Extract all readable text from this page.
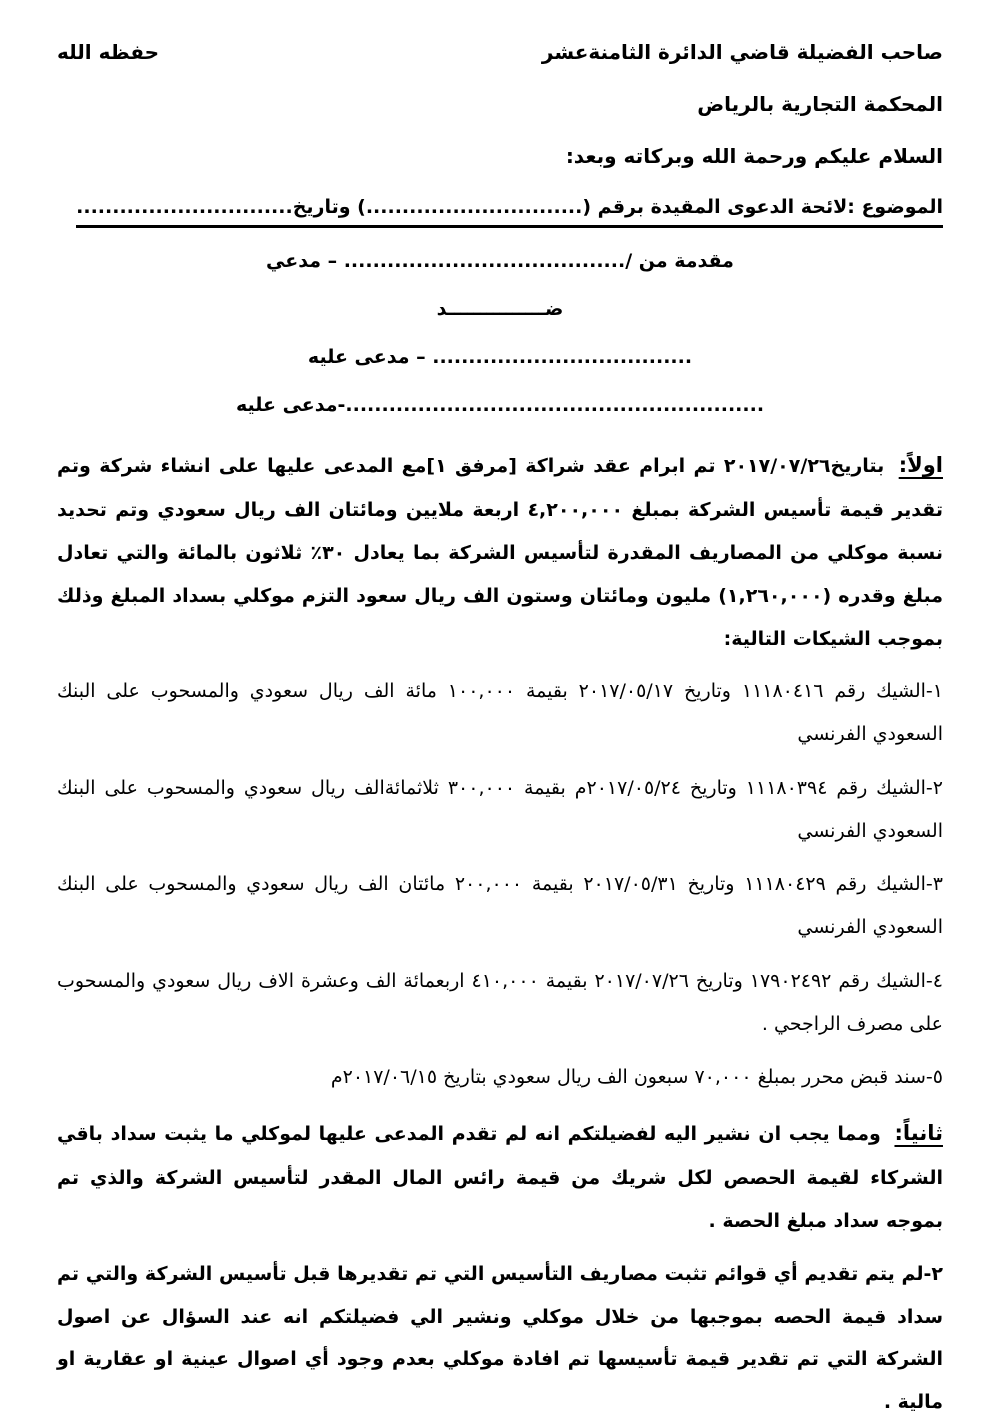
صاحب الفضيلة قاضي الدائرة الثامنةعشر
حفظه الله

المحكمة التجارية بالرياض

السلام عليكم ورحمة الله وبركاته وبعد:

الموضوع :لائحة الدعوى المقيدة برقم (..............................) وتاريخ..............................

مقدمة من /....................................... – مدعي

ضـــــــــــــــد

.................................... – مدعى عليه

..........................................................-مدعى عليه

اولاً: بتاريخ٢٠١٧/٠٧/٢٦ تم ابرام عقد شراكة [مرفق ١]مع المدعى عليها على انشاء شركة وتم تقدير قيمة تأسيس الشركة بمبلغ ٤,٢٠٠,٠٠٠ اربعة ملايين ومائتان الف ريال سعودي وتم تحديد نسبة موكلي من المصاريف المقدرة لتأسيس الشركة بما يعادل ٣٠٪ ثلاثون بالمائة والتي تعادل مبلغ وقدره (١,٢٦٠,٠٠٠) مليون ومائتان وستون الف ريال سعود التزم موكلي بسداد المبلغ وذلك بموجب الشيكات التالية:

١-الشيك رقم ١١١٨٠٤١٦ وتاريخ ٢٠١٧/٠٥/١٧ بقيمة ١٠٠,٠٠٠ مائة الف ريال سعودي والمسحوب على البنك السعودي الفرنسي

٢-الشيك رقم ١١١٨٠٣٩٤ وتاريخ ٢٠١٧/٠٥/٢٤م بقيمة ٣٠٠,٠٠٠ ثلاثمائةالف ريال سعودي والمسحوب على البنك السعودي الفرنسي

٣-الشيك رقم ١١١٨٠٤٢٩ وتاريخ ٢٠١٧/٠٥/٣١ بقيمة ٢٠٠,٠٠٠ مائتان الف ريال سعودي والمسحوب على البنك السعودي الفرنسي

٤-الشيك رقم ١٧٩٠٢٤٩٢ وتاريخ ٢٠١٧/٠٧/٢٦ بقيمة ٤١٠,٠٠٠ اربعمائة الف وعشرة الاف ريال سعودي والمسحوب على مصرف الراجحي .

٥-سند قبض محرر بمبلغ ٧٠,٠٠٠ سبعون الف ريال سعودي بتاريخ ٢٠١٧/٠٦/١٥م

ثانياً: ومما يجب ان نشير اليه لفضيلتكم انه لم تقدم المدعى عليها لموكلي ما يثبت سداد باقي الشركاء لقيمة الحصص لكل شريك من قيمة رائس المال المقدر لتأسيس الشركة والذي تم بموجه سداد مبلغ الحصة .

٢-لم يتم تقديم أي قوائم تثبت مصاريف التأسيس التي تم تقديرها قبل تأسيس الشركة والتي تم سداد قيمة الحصه بموجبها من خلال موكلي ونشير الي فضيلتكم انه عند السؤال عن اصول الشركة التي تم تقدير قيمة تأسيسها تم افادة موكلي بعدم وجود أي اصوال عينية او عقارية او مالية .
